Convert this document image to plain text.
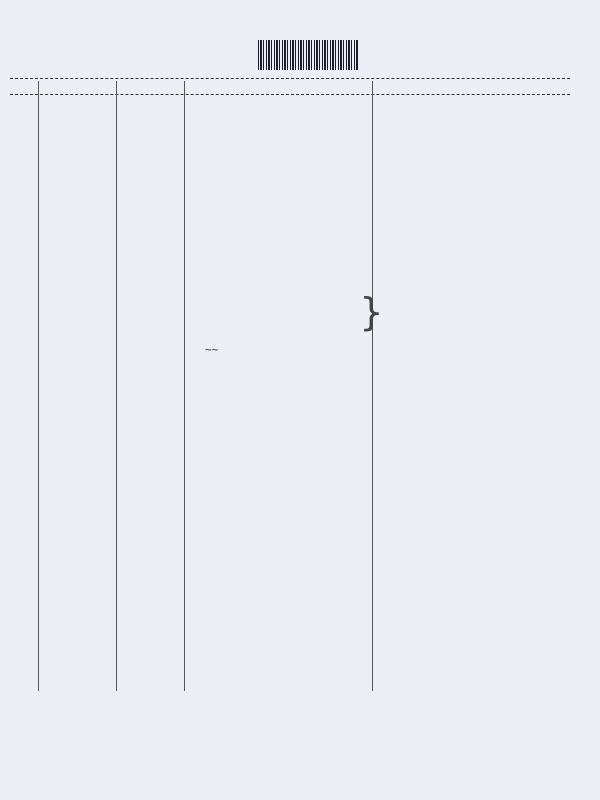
~~
}
